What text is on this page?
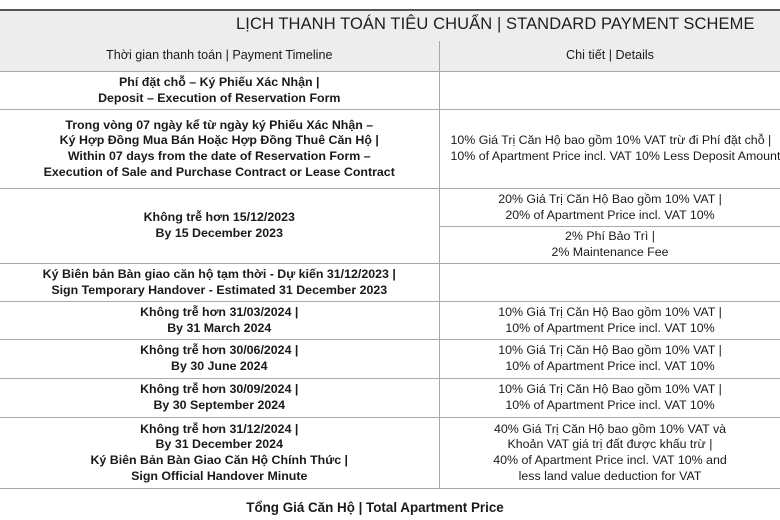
LỊCH THANH TOÁN TIÊU CHUẨN | STANDARD PAYMENT SCHEME
Thời gian thanh toán | Payment Timeline	Chi tiết | Details

Phí đặt chỗ – Ký Phiếu Xác Nhận |
Deposit – Execution of Reservation Form	

Trong vòng 07 ngày kể từ ngày ký Phiếu Xác Nhận –
Ký Hợp Đồng Mua Bán Hoặc Hợp Đồng Thuê Căn Hộ |
Within 07 days from the date of Reservation Form –
Execution of Sale and Purchase Contract or Lease Contract	10% Giá Trị Căn Hộ bao gồm 10% VAT trừ đi Phí đặt chỗ |
10% of Apartment Price incl. VAT 10% Less Deposit Amount

Không trễ hơn 15/12/2023
By 15 December 2023	20% Giá Trị Căn Hộ Bao gồm 10% VAT |
20% of Apartment Price incl. VAT 10%

	2% Phí Bảo Trì |
2% Maintenance Fee

Ký Biên bản Bàn giao căn hộ tạm thời - Dự kiến 31/12/2023 |
Sign Temporary Handover - Estimated 31 December 2023	

Không trễ hơn 31/03/2024 |
By 31 March 2024	10% Giá Trị Căn Hộ Bao gồm 10% VAT |
10% of Apartment Price incl. VAT 10%

Không trễ hơn 30/06/2024 |
By 30 June 2024	10% Giá Trị Căn Hộ Bao gồm 10% VAT |
10% of Apartment Price incl. VAT 10%

Không trễ hơn 30/09/2024 |
By 30 September 2024	10% Giá Trị Căn Hộ Bao gồm 10% VAT |
10% of Apartment Price incl. VAT 10%

Không trễ hơn 31/12/2024 |
By 31 December 2024
Ký Biên Bản Bàn Giao Căn Hộ Chính Thức |
Sign Official Handover Minute	40% Giá Trị Căn Hộ bao gồm 10% VAT và
Khoản VAT giá trị đất được khấu trừ |
40% of Apartment Price incl. VAT 10% and
less land value deduction for VAT
Tổng Giá Căn Hộ | Total Apartment Price
